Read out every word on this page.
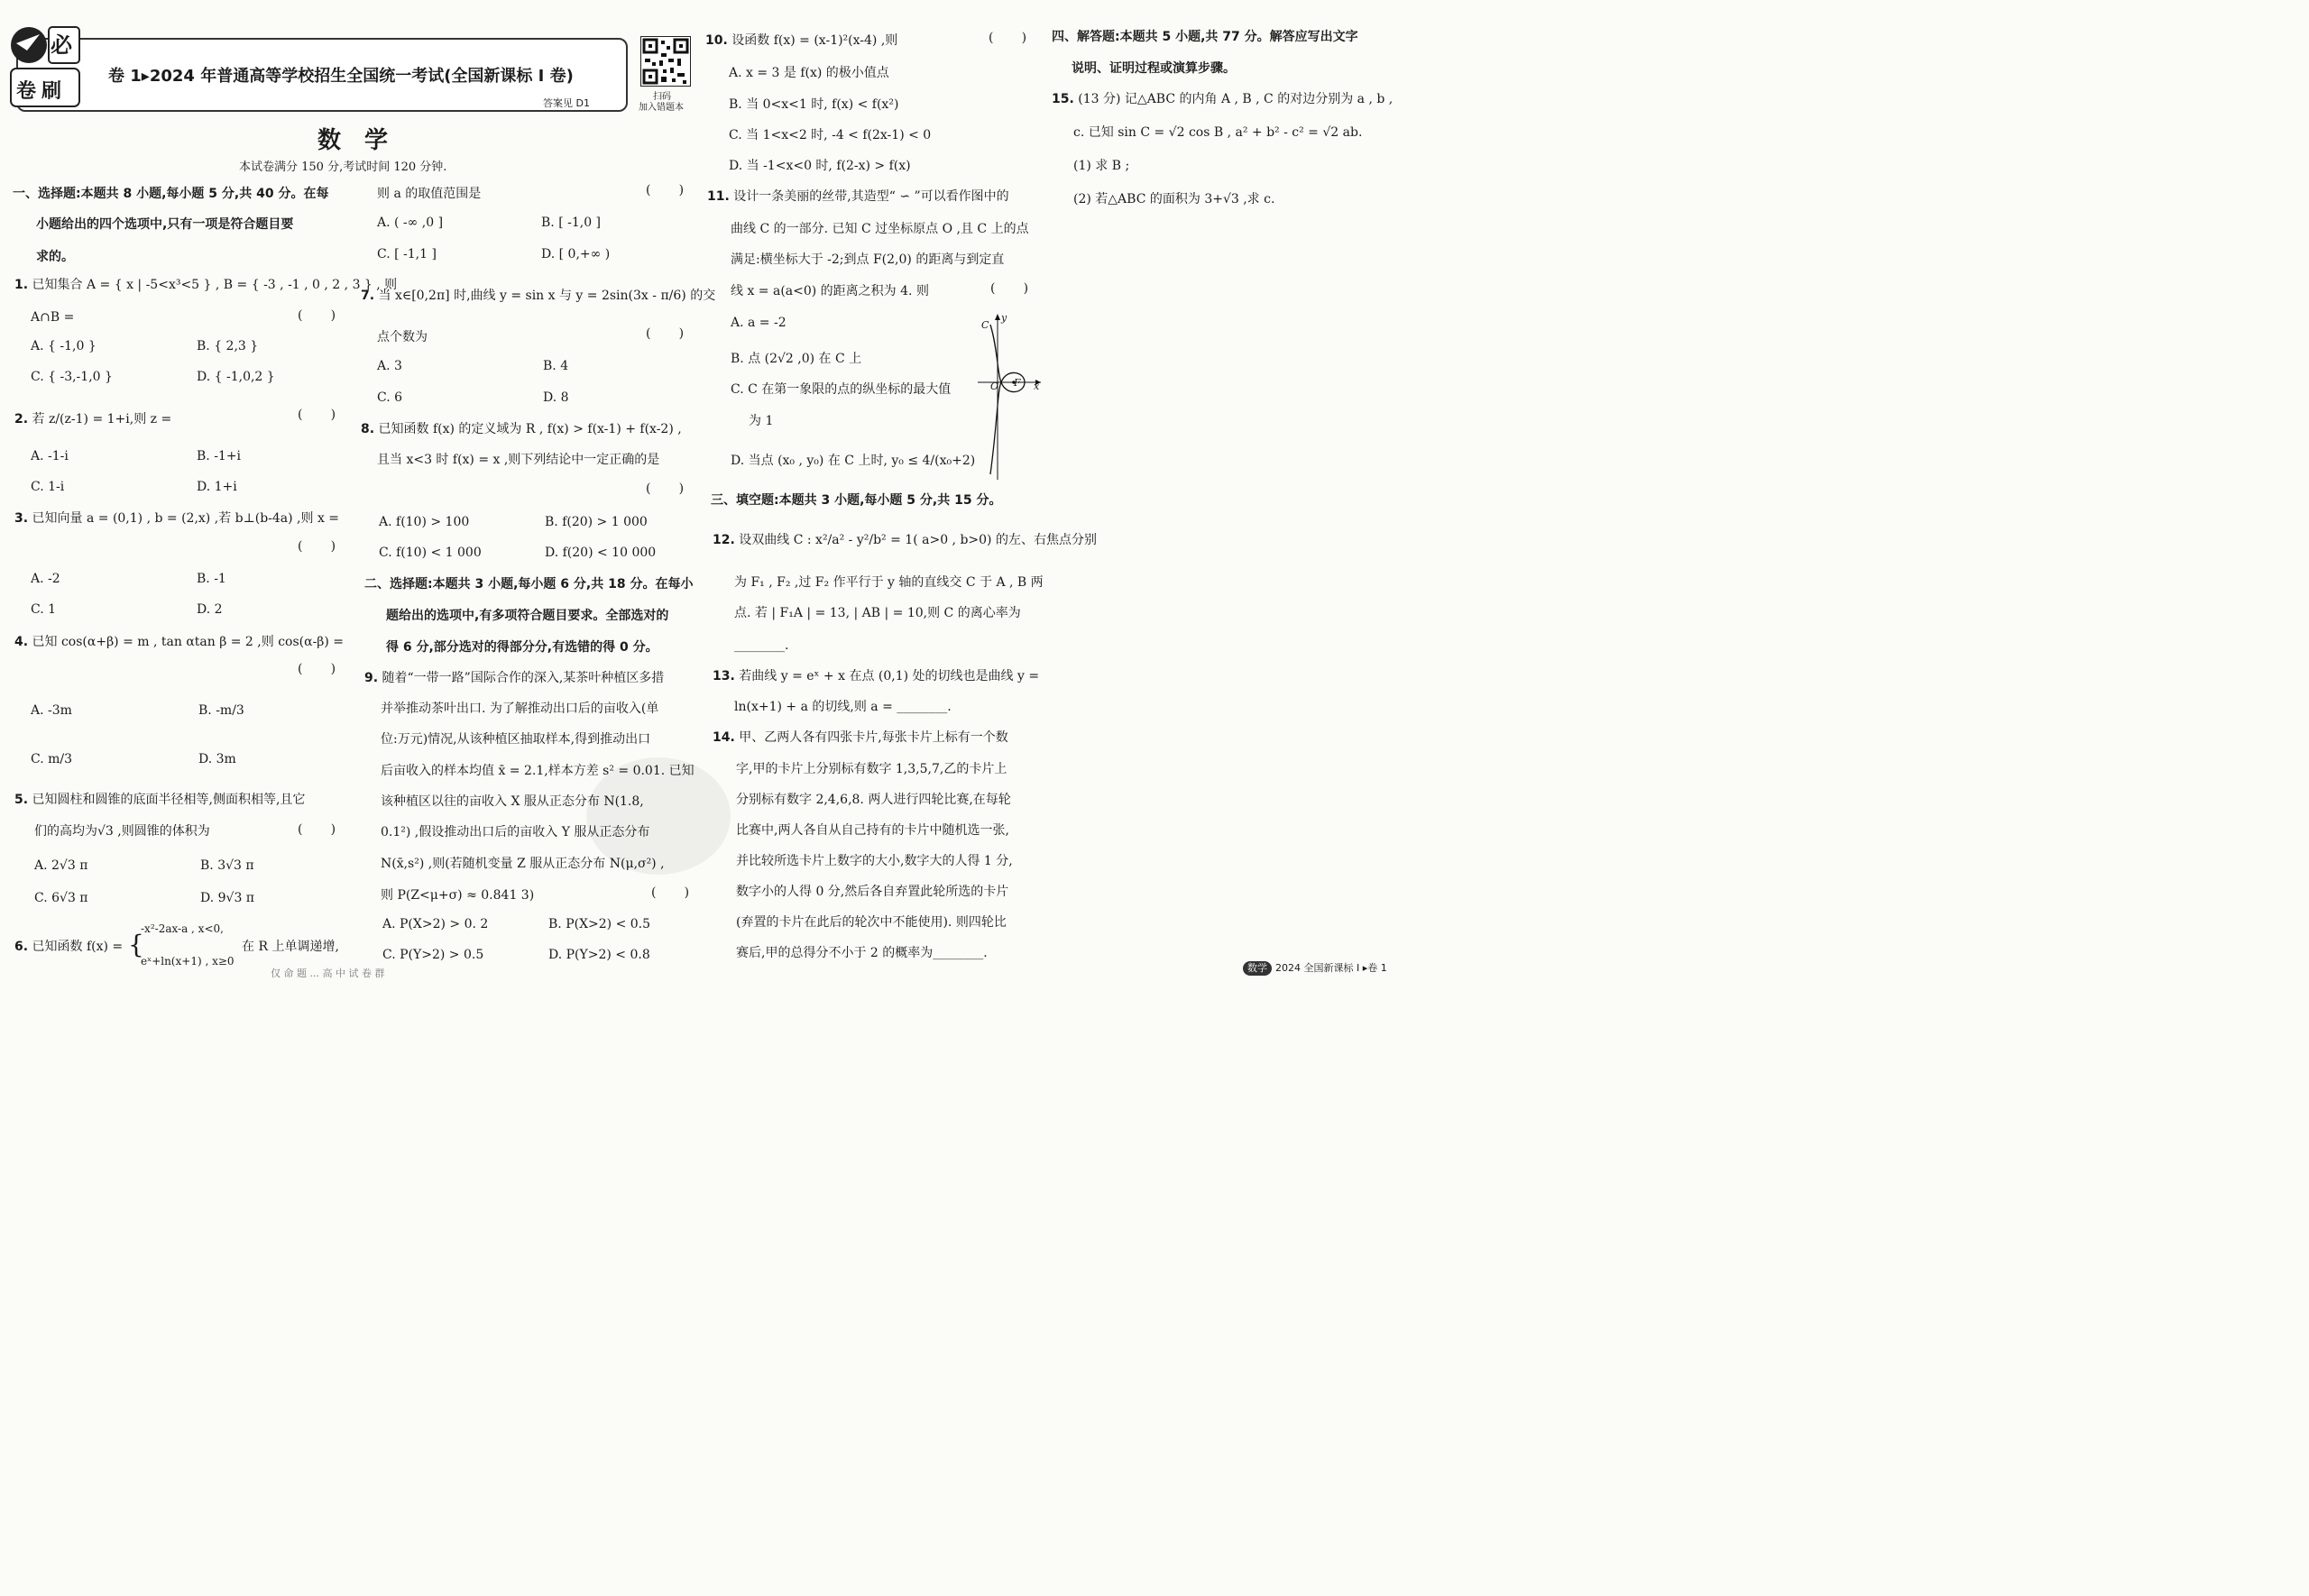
必
卷刷
卷 1▸2024 年普通高等学校招生全国统一考试(全国新课标 I 卷)
答案见 D1
扫码
加入错题本
数学
本试卷满分 150 分,考试时间 120 分钟.
一、选择题:本题共 8 小题,每小题 5 分,共 40 分。在每
小题给出的四个选项中,只有一项是符合题目要
求的。
1. 已知集合 A = { x | -5<x³<5 } , B = { -3 , -1 , 0 , 2 , 3 } , 则
A∩B =	(       )
A. { -1,0 }	B. { 2,3 }
C. { -3,-1,0 }	D. { -1,0,2 }
2. 若 z/(z-1) = 1+i,则 z =	(       )
A. -1-i	B. -1+i
C. 1-i	D. 1+i
3. 已知向量 a = (0,1) , b = (2,x) ,若 b⊥(b-4a) ,则 x =
(       )
A. -2	B. -1
C. 1	D. 2
4. 已知 cos(α+β) = m , tan αtan β = 2 ,则 cos(α-β) =
(       )
A. -3m	B. -m/3
C. m/3	D. 3m
5. 已知圆柱和圆锥的底面半径相等,侧面积相等,且它
们的高均为√3 ,则圆锥的体积为	(       )
A. 2√3 π	B. 3√3 π
C. 6√3 π	D. 9√3 π
6. 已知函数 f(x) = {
-x²-2ax-a , x<0,
eˣ+ln(x+1) , x≥0
在 R 上单调递增,
则 a 的取值范围是	(       )
A. ( -∞ ,0 ]	B. [ -1,0 ]
C. [ -1,1 ]	D. [ 0,+∞ )
7. 当 x∈[0,2π] 时,曲线 y = sin x 与 y = 2sin(3x - π/6) 的交
点个数为	(       )
A. 3	B. 4
C. 6	D. 8
8. 已知函数 f(x) 的定义域为 R , f(x) > f(x-1) + f(x-2) ,
且当 x<3 时 f(x) = x ,则下列结论中一定正确的是
(       )
A. f(10) > 100	B. f(20) > 1 000
C. f(10) < 1 000	D. f(20) < 10 000
二、选择题:本题共 3 小题,每小题 6 分,共 18 分。在每小
题给出的选项中,有多项符合题目要求。全部选对的
得 6 分,部分选对的得部分分,有选错的得 0 分。
9. 随着“一带一路”国际合作的深入,某茶叶种植区多措
并举推动茶叶出口. 为了解推动出口后的亩收入(单
位:万元)情况,从该种植区抽取样本,得到推动出口
后亩收入的样本均值 x̄ = 2.1,样本方差 s² = 0.01. 已知
该种植区以往的亩收入 X 服从正态分布 N(1.8,
0.1²) ,假设推动出口后的亩收入 Y 服从正态分布
N(x̄,s²) ,则(若随机变量 Z 服从正态分布 N(μ,σ²) ,
则 P(Z<μ+σ) ≈ 0.841 3)	(       )
A. P(X>2) > 0. 2	B. P(X>2) < 0.5
C. P(Y>2) > 0.5	D. P(Y>2) < 0.8
10. 设函数 f(x) = (x-1)²(x-4) ,则	(       )
A. x = 3 是 f(x) 的极小值点
B. 当 0<x<1 时, f(x) < f(x²)
C. 当 1<x<2 时, -4 < f(2x-1) < 0
D. 当 -1<x<0 时, f(2-x) > f(x)
11. 设计一条美丽的丝带,其造型“ ∽ ”可以看作图中的
曲线 C 的一部分. 已知 C 过坐标原点 O ,且 C 上的点
满足:横坐标大于 -2;到点 F(2,0) 的距离与到定直
线 x = a(a<0) 的距离之积为 4. 则	(       )
A. a = -2
B. 点 (2√2 ,0) 在 C 上
C. C 在第一象限的点的纵坐标的最大值
为 1
D. 当点 (x₀ , y₀) 在 C 上时, y₀ ≤ 4/(x₀+2)
C
y
O F x
三、填空题:本题共 3 小题,每小题 5 分,共 15 分。
12. 设双曲线 C : x²/a² - y²/b² = 1( a>0 , b>0) 的左、右焦点分别
为 F₁ , F₂ ,过 F₂ 作平行于 y 轴的直线交 C 于 A , B 两
点. 若 | F₁A | = 13, | AB | = 10,则 C 的离心率为
________.
13. 若曲线 y = eˣ + x 在点 (0,1) 处的切线也是曲线 y =
ln(x+1) + a 的切线,则 a = ________.
14. 甲、乙两人各有四张卡片,每张卡片上标有一个数
字,甲的卡片上分别标有数字 1,3,5,7,乙的卡片上
分别标有数字 2,4,6,8. 两人进行四轮比赛,在每轮
比赛中,两人各自从自己持有的卡片中随机选一张,
并比较所选卡片上数字的大小,数字大的人得 1 分,
数字小的人得 0 分,然后各自弃置此轮所选的卡片
(弃置的卡片在此后的轮次中不能使用). 则四轮比
赛后,甲的总得分不小于 2 的概率为________.
四、解答题:本题共 5 小题,共 77 分。解答应写出文字
说明、证明过程或演算步骤。
15. (13 分) 记△ABC 的内角 A , B , C 的对边分别为 a , b ,
c. 已知 sin C = √2 cos B , a² + b² - c² = √2 ab.
(1) 求 B ;
(2) 若△ABC 的面积为 3+√3 ,求 c.
数学 2024 全国新课标 I ▸卷 1
仅 命 题 ... 高 中 试 卷 群
